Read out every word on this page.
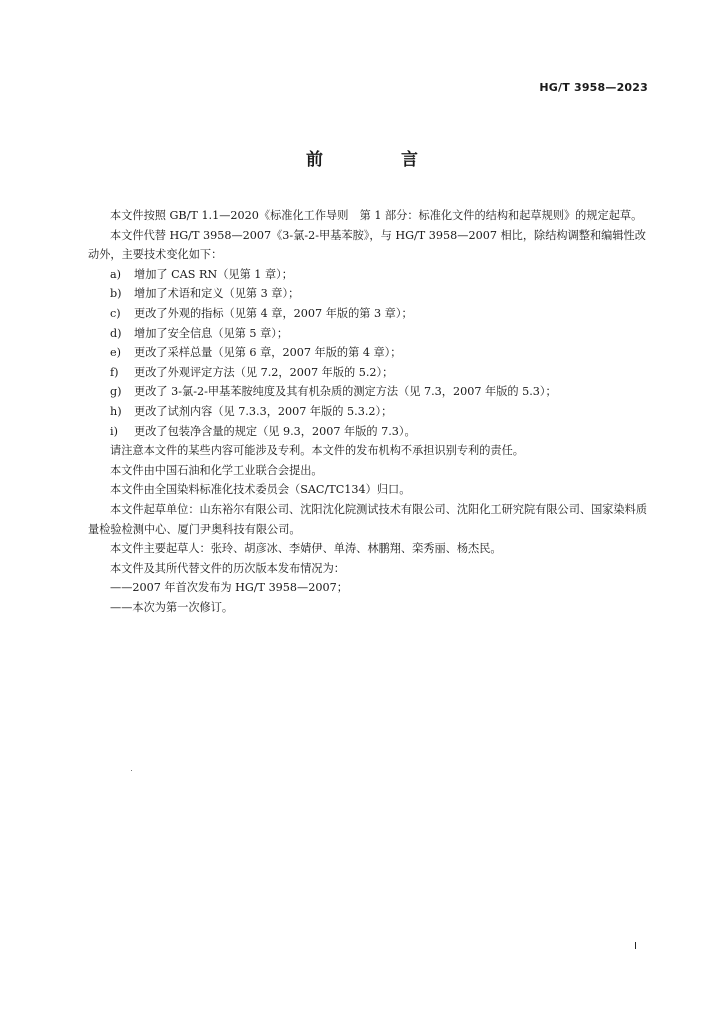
HG/T 3958—2023
前 言

本文件按照 GB/T 1.1—2020《标准化工作导则　第 1 部分：标准化文件的结构和起草规则》的规定起草。

本文件代替 HG/T 3958—2007《3-氯-2-甲基苯胺》，与 HG/T 3958—2007 相比，除结构调整和编辑性改动外，主要技术变化如下：

a) 增加了 CAS RN（见第 1 章）；

b) 增加了术语和定义（见第 3 章）；

c) 更改了外观的指标（见第 4 章，2007 年版的第 3 章）；

d) 增加了安全信息（见第 5 章）；

e) 更改了采样总量（见第 6 章，2007 年版的第 4 章）；

f) 更改了外观评定方法（见 7.2，2007 年版的 5.2）；

g) 更改了 3-氯-2-甲基苯胺纯度及其有机杂质的测定方法（见 7.3，2007 年版的 5.3）；

h) 更改了试剂内容（见 7.3.3，2007 年版的 5.3.2）；

i) 更改了包装净含量的规定（见 9.3，2007 年版的 7.3）。

请注意本文件的某些内容可能涉及专利。本文件的发布机构不承担识别专利的责任。

本文件由中国石油和化学工业联合会提出。

本文件由全国染料标准化技术委员会（SAC/TC134）归口。

本文件起草单位：山东裕尔有限公司、沈阳沈化院测试技术有限公司、沈阳化工研究院有限公司、国家染料质量检验检测中心、厦门尹奥科技有限公司。

本文件主要起草人：张玲、胡彦冰、李婧伊、单涛、林鹏翔、栾秀丽、杨杰民。

本文件及其所代替文件的历次版本发布情况为：

——2007 年首次发布为 HG/T 3958—2007；

——本次为第一次修订。

I
